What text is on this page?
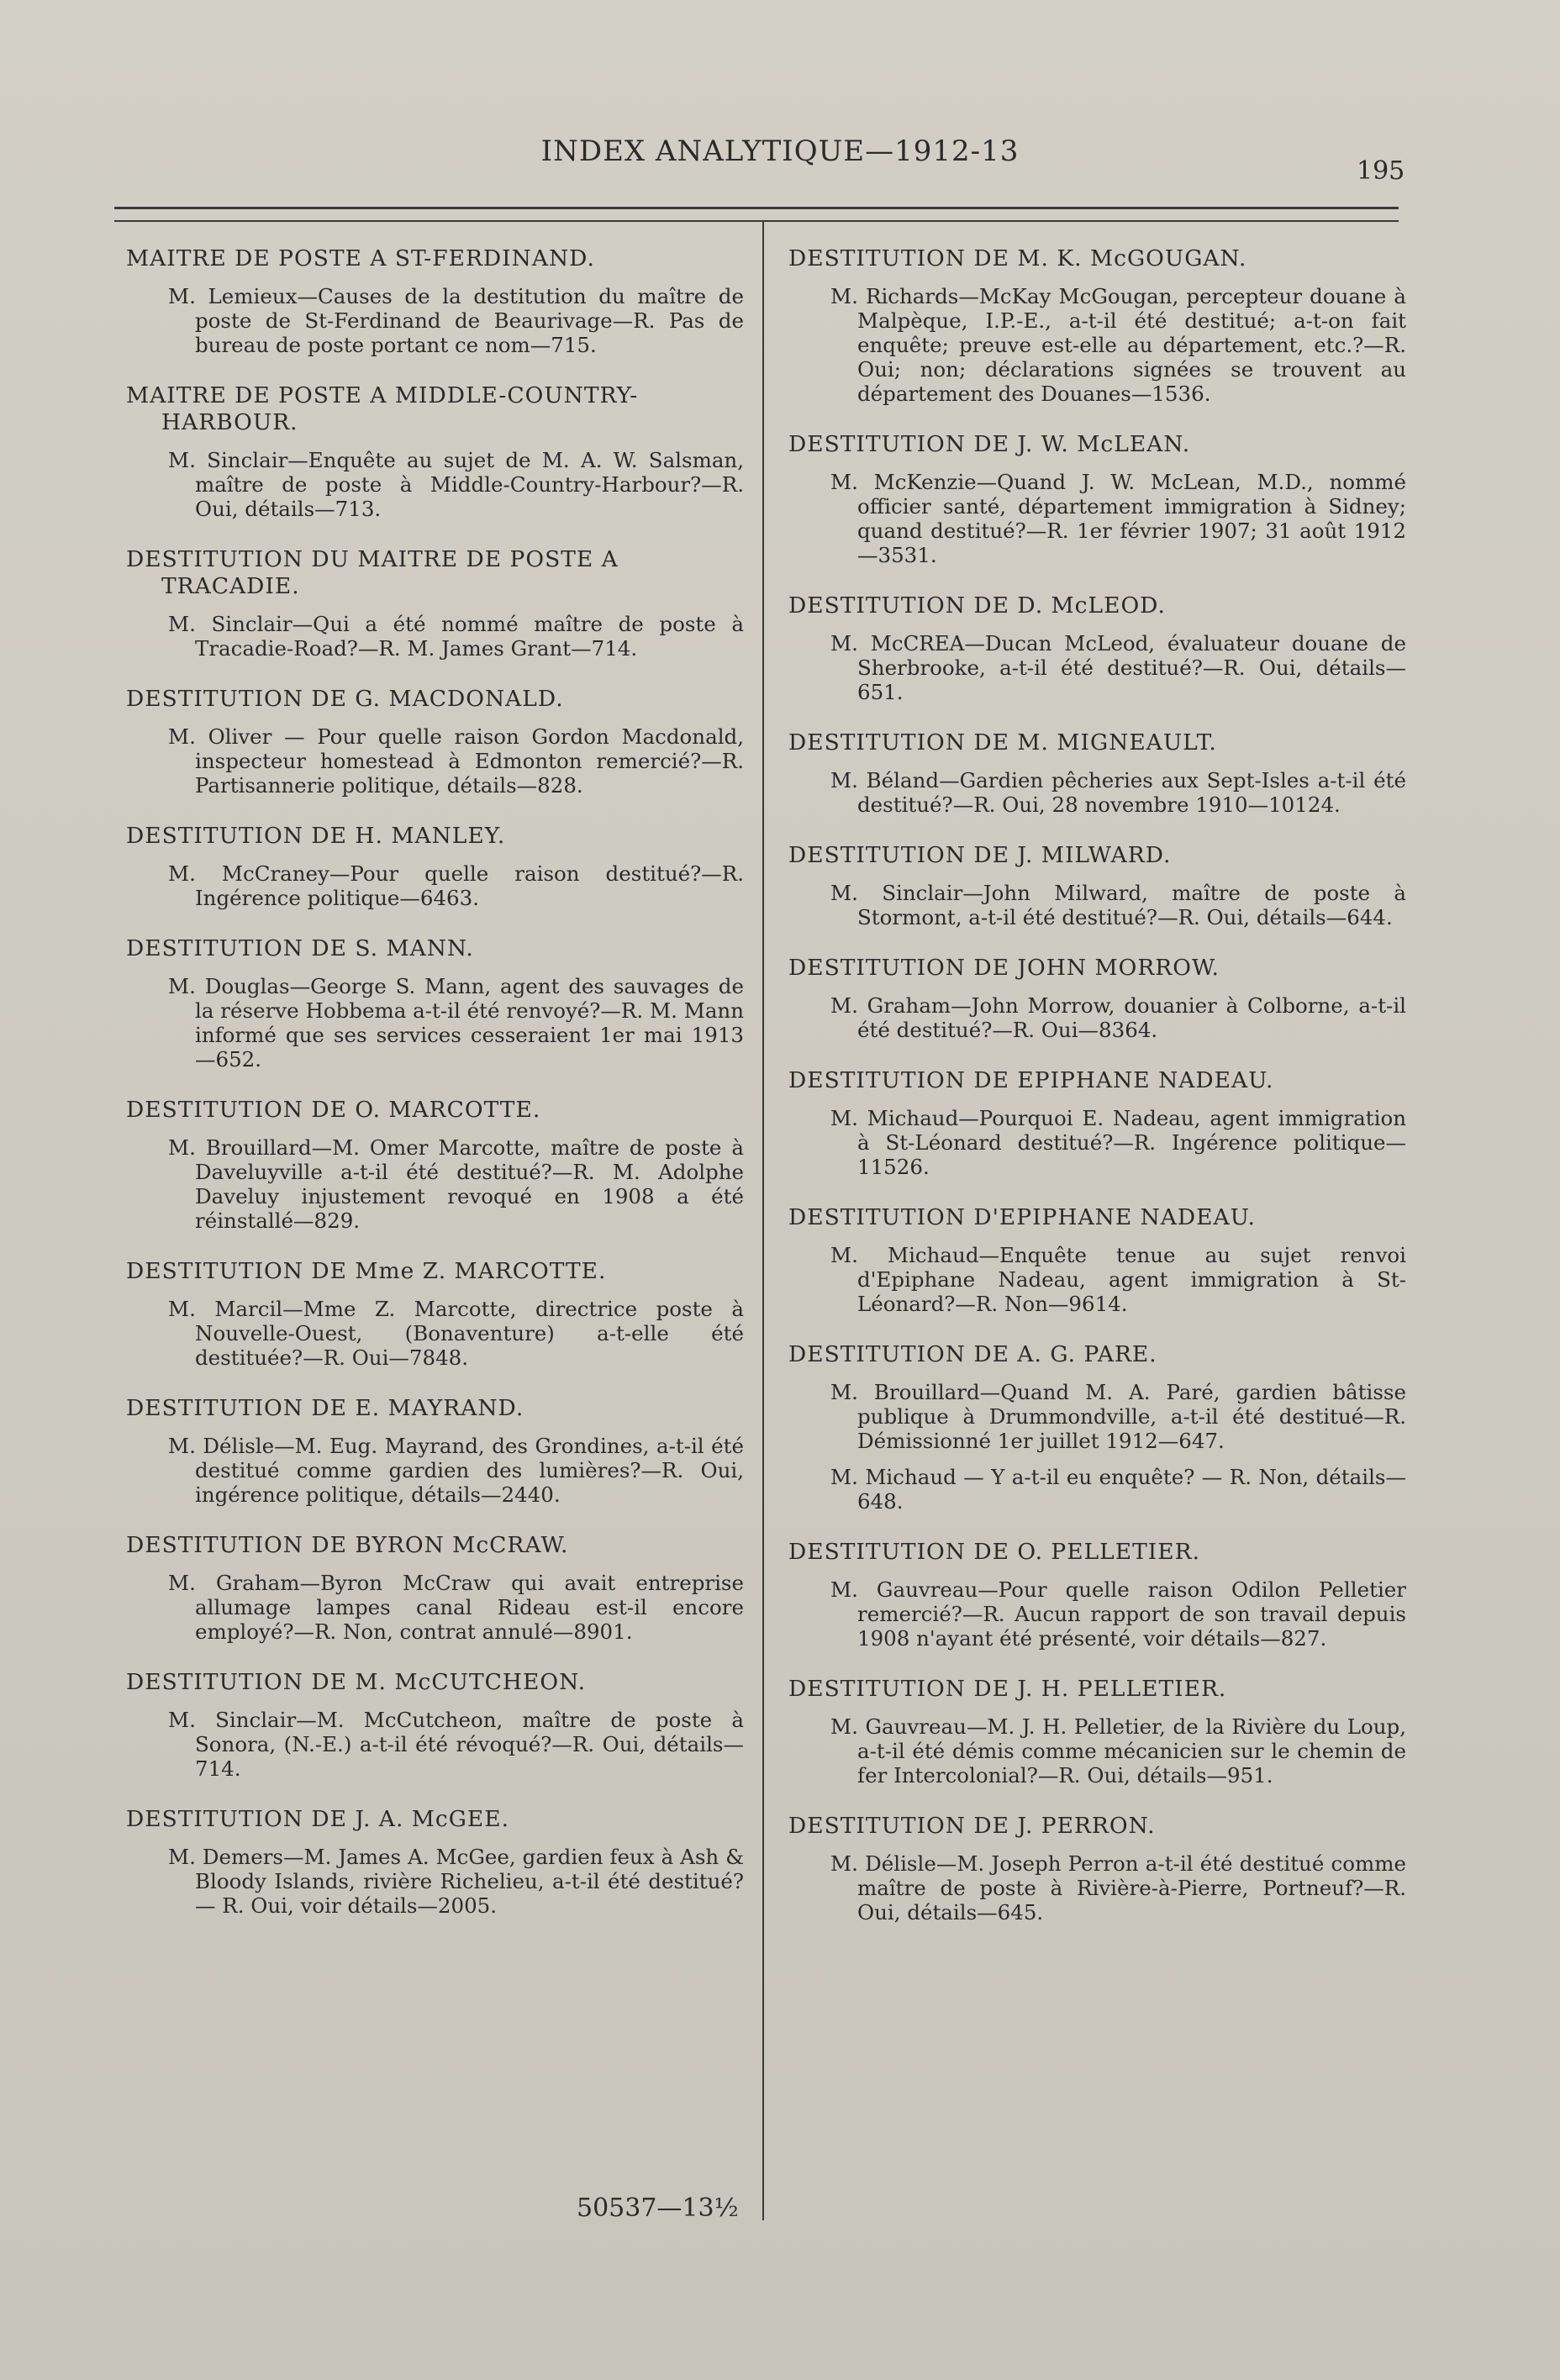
INDEX ANALYTIQUE—1912-13
195
MAITRE DE POSTE A ST-FERDINAND.
M. Lemieux—Causes de la destitution du maître de poste de St-Ferdinand de Beaurivage—R. Pas de bureau de poste portant ce nom—715.
MAITRE DE POSTE A MIDDLE-COUNTRY-HARBOUR.
M. Sinclair—Enquête au sujet de M. A. W. Salsman, maître de poste à Middle-Country-Harbour?—R. Oui, détails—713.
DESTITUTION DU MAITRE DE POSTE A TRACADIE.
M. Sinclair—Qui a été nommé maître de poste à Tracadie-Road?—R. M. James Grant—714.
DESTITUTION DE G. MACDONALD.
M. Oliver — Pour quelle raison Gordon Macdonald, inspecteur homestead à Edmonton remercié?—R. Partisannerie politique, détails—828.
DESTITUTION DE H. MANLEY.
M. McCraney—Pour quelle raison destitué?—R. Ingérence politique—6463.
DESTITUTION DE S. MANN.
M. Douglas—George S. Mann, agent des sauvages de la réserve Hobbema a-t-il été renvoyé?—R. M. Mann informé que ses services cesseraient 1er mai 1913—652.
DESTITUTION DE O. MARCOTTE.
M. Brouillard—M. Omer Marcotte, maître de poste à Daveluyville a-t-il été destitué?—R. M. Adolphe Daveluy injustement revoqué en 1908 a été réinstallé—829.
DESTITUTION DE Mme Z. MARCOTTE.
M. Marcil—Mme Z. Marcotte, directrice poste à Nouvelle-Ouest, (Bonaventure) a-t-elle été destituée?—R. Oui—7848.
DESTITUTION DE E. MAYRAND.
M. Délisle—M. Eug. Mayrand, des Grondines, a-t-il été destitué comme gardien des lumières?—R. Oui, ingérence politique, détails—2440.
DESTITUTION DE BYRON McCRAW.
M. Graham—Byron McCraw qui avait entreprise allumage lampes canal Rideau est-il encore employé?—R. Non, contrat annulé—8901.
DESTITUTION DE M. McCUTCHEON.
M. Sinclair—M. McCutcheon, maître de poste à Sonora, (N.-E.) a-t-il été révoqué?—R. Oui, détails—714.
DESTITUTION DE J. A. McGEE.
M. Demers—M. James A. McGee, gardien feux à Ash & Bloody Islands, rivière Richelieu, a-t-il été destitué? — R. Oui, voir détails—2005.
DESTITUTION DE M. K. McGOUGAN.
M. Richards—McKay McGougan, percepteur douane à Malpèque, I.P.-E., a-t-il été destitué; a-t-on fait enquête; preuve est-elle au département, etc.?—R. Oui; non; déclarations signées se trouvent au département des Douanes—1536.
DESTITUTION DE J. W. McLEAN.
M. McKenzie—Quand J. W. McLean, M.D., nommé officier santé, département immigration à Sidney; quand destitué?—R. 1er février 1907; 31 août 1912—3531.
DESTITUTION DE D. McLEOD.
M. McCREA—Ducan McLeod, évaluateur douane de Sherbrooke, a-t-il été destitué?—R. Oui, détails—651.
DESTITUTION DE M. MIGNEAULT.
M. Béland—Gardien pêcheries aux Sept-Isles a-t-il été destitué?—R. Oui, 28 novembre 1910—10124.
DESTITUTION DE J. MILWARD.
M. Sinclair—John Milward, maître de poste à Stormont, a-t-il été destitué?—R. Oui, détails—644.
DESTITUTION DE JOHN MORROW.
M. Graham—John Morrow, douanier à Colborne, a-t-il été destitué?—R. Oui—8364.
DESTITUTION DE EPIPHANE NADEAU.
M. Michaud—Pourquoi E. Nadeau, agent immigration à St-Léonard destitué?—R. Ingérence politique—11526.
DESTITUTION D'EPIPHANE NADEAU.
M. Michaud—Enquête tenue au sujet renvoi d'Epiphane Nadeau, agent immigration à St-Léonard?—R. Non—9614.
DESTITUTION DE A. G. PARE.
M. Brouillard—Quand M. A. Paré, gardien bâtisse publique à Drummondville, a-t-il été destitué—R. Démissionné 1er juillet 1912—647.
M. Michaud — Y a-t-il eu enquête? — R. Non, détails—648.
DESTITUTION DE O. PELLETIER.
M. Gauvreau—Pour quelle raison Odilon Pelletier remercié?—R. Aucun rapport de son travail depuis 1908 n'ayant été présenté, voir détails—827.
DESTITUTION DE J. H. PELLETIER.
M. Gauvreau—M. J. H. Pelletier, de la Rivière du Loup, a-t-il été démis comme mécanicien sur le chemin de fer Intercolonial?—R. Oui, détails—951.
DESTITUTION DE J. PERRON.
M. Délisle—M. Joseph Perron a-t-il été destitué comme maître de poste à Rivière-à-Pierre, Portneuf?—R. Oui, détails—645.
50537—13½
